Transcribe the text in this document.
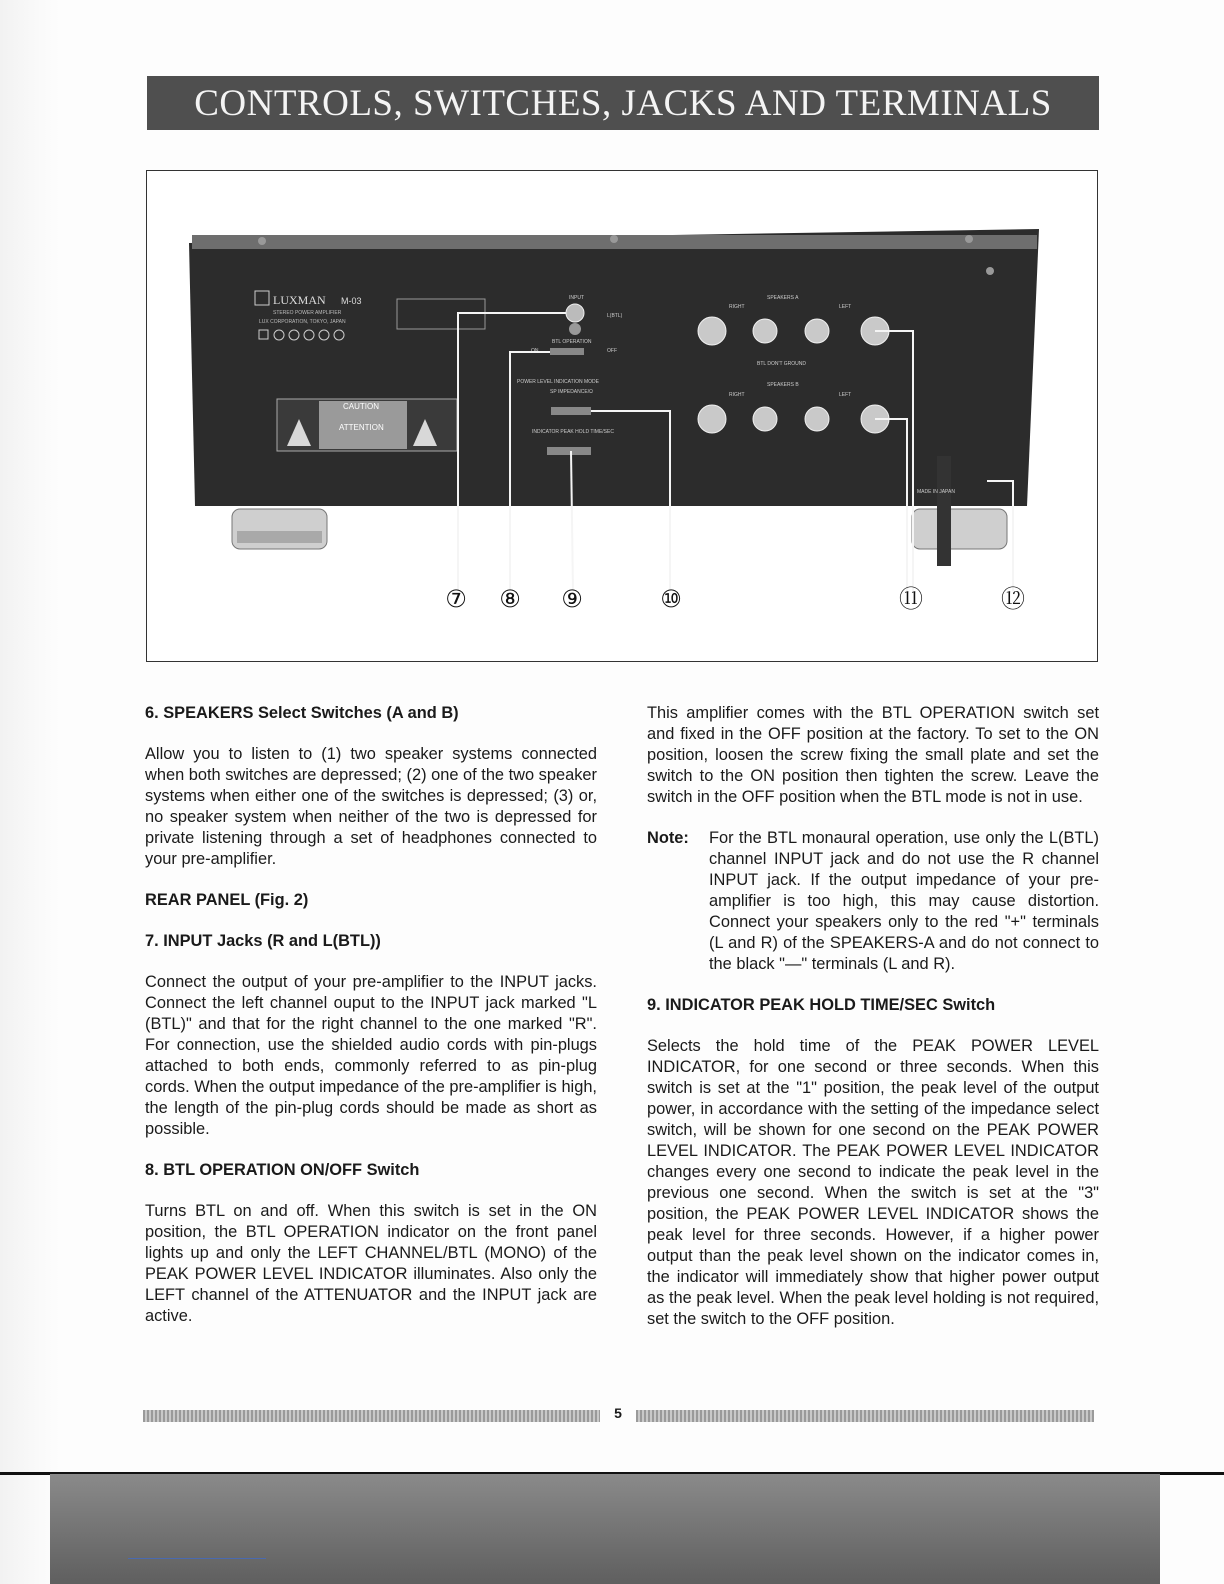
CONTROLS, SWITCHES, JACKS AND TERMINALS
LUXMAN M-03
STEREO POWER AMPLIFIER
LUX CORPORATION, TOKYO, JAPAN
CAUTION
ATTENTION
INPUT
L(BTL)
BTL OPERATION
ON	OFF
POWER LEVEL INDICATION MODE
SP IMPEDANCE/Ω
INDICATOR PEAK HOLD TIME/SEC
SPEAKERS A
RIGHT	LEFT
BTL DON'T GROUND
SPEAKERS B
RIGHT	LEFT
MADE IN JAPAN
⑦ ⑧ ⑨	⑩	⑪	⑫
6. SPEAKERS Select Switches (A and B)

Allow you to listen to (1) two speaker systems connected when both switches are depressed; (2) one of the two speaker systems when either one of the switches is depressed; (3) or, no speaker system when neither of the two is depressed for private listening through a set of headphones connected to your pre-amplifier.

REAR PANEL (Fig. 2)
7. INPUT Jacks (R and L(BTL))

Connect the output of your pre-amplifier to the INPUT jacks. Connect the left channel ouput to the INPUT jack marked "L (BTL)" and that for the right channel to the one marked "R". For connection, use the shielded audio cords with pin-plugs attached to both ends, commonly referred to as pin-plug cords. When the output impedance of the pre-amplifier is high, the length of the pin-plug cords should be made as short as possible.

8. BTL OPERATION ON/OFF Switch

Turns BTL on and off. When this switch is set in the ON position, the BTL OPERATION indicator on the front panel lights up and only the LEFT CHANNEL/BTL (MONO) of the PEAK POWER LEVEL INDICATOR illuminates. Also only the LEFT channel of the ATTENUATOR and the INPUT jack are active.

This amplifier comes with the BTL OPERATION switch set and fixed in the OFF position at the factory. To set to the ON position, loosen the screw fixing the small plate and set the switch to the ON position then tighten the screw. Leave the switch in the OFF position when the BTL mode is not in use.

Note:	For the BTL monaural operation, use only the L(BTL) channel INPUT jack and do not use the R channel INPUT jack. If the output impedance of your pre-amplifier is too high, this may cause distortion. Connect your speakers only to the red "+" terminals (L and R) of the SPEAKERS-A and do not connect to the black "—" terminals (L and R).

9. INDICATOR PEAK HOLD TIME/SEC Switch

Selects the hold time of the PEAK POWER LEVEL INDICATOR, for one second or three seconds. When this switch is set at the "1" position, the peak level of the output power, in accordance with the setting of the impedance select switch, will be shown for one second on the PEAK POWER LEVEL INDICATOR. The PEAK POWER LEVEL INDICATOR changes every one second to indicate the peak level in the previous one second. When the switch is set at the "3" position, the PEAK POWER LEVEL INDICATOR shows the peak level for three seconds. However, if a higher power output than the peak level shown on the indicator comes in, the indicator will immediately show that higher power output as the peak level. When the peak level holding is not required, set the switch to the OFF position.

5
